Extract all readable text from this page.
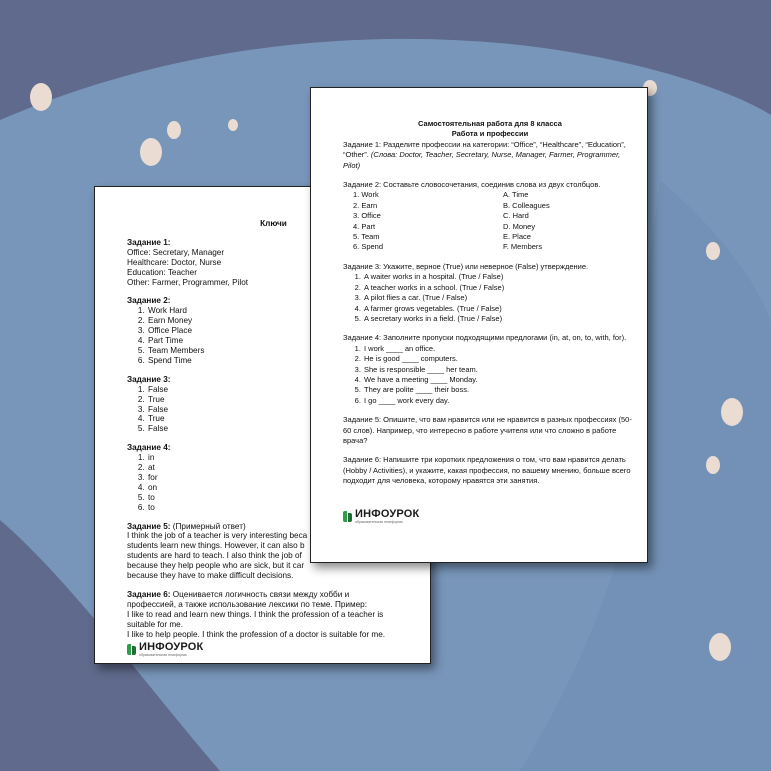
Ключи
Задание 1:
Office: Secretary, Manager
Healthcare: Doctor, Nurse
Education: Teacher
Other: Farmer, Programmer, Pilot
Задание 2:
1. Work Hard
2. Earn Money
3. Office Place
4. Part Time
5. Team Members
6. Spend Time
Задание 3:
1. False
2. True
3. False
4. True
5. False
Задание 4:
1. in
2. at
3. for
4. on
5. to
6. to
Задание 5: (Примерный ответ)
I think the job of a teacher is very interesting beca
students learn new things. However, it can also b
students are hard to teach. I also think the job of
because they help people who are sick, but it car
because they have to make difficult decisions.
Задание 6: Оценивается логичность связи между хобби и
профессией, а также использование лексики по теме. Пример:
I like to read and learn new things. I think the profession of a teacher is
suitable for me.
I like to help people. I think the profession of a doctor is suitable for me.
ИНФОУРОК
образовательная платформа
Самостоятельная работа для 8 класса
Работа и профессии
Задание 1: Разделите профессии на категории: “Office”, “Healthcare”, “Education”, “Other”. (Слова: Doctor, Teacher, Secretary, Nurse, Manager, Farmer, Programmer, Pilot)
Задание 2: Составьте словосочетания, соединив слова из двух столбцов.
1. Work	A. Time
2. Earn	B. Colleagues
3. Office	C. Hard
4. Part	D. Money
5. Team	E. Place
6. Spend	F. Members
Задание 3: Укажите, верное (True) или неверное (False) утверждение.
1. A waiter works in a hospital. (True / False)
2. A teacher works in a school. (True / False)
3. A pilot flies a car. (True / False)
4. A farmer grows vegetables. (True / False)
5. A secretary works in a field. (True / False)
Задание 4: Заполните пропуски подходящими предлогами (in, at, on, to, with, for).
1. I work ____ an office.
2. He is good ____ computers.
3. She is responsible ____ her team.
4. We have a meeting ____ Monday.
5. They are polite ____ their boss.
6. I go ____ work every day.
Задание 5: Опишите, что вам нравится или не нравится в разных профессиях (50-60 слов). Например, что интересно в работе учителя или что сложно в работе врача?
Задание 6: Напишите три коротких предложения о том, что вам нравится делать (Hobby / Activities), и укажите, какая профессия, по вашему мнению, больше всего подходит для человека, которому нравятся эти занятия.
ИНФОУРОК
образовательная платформа
